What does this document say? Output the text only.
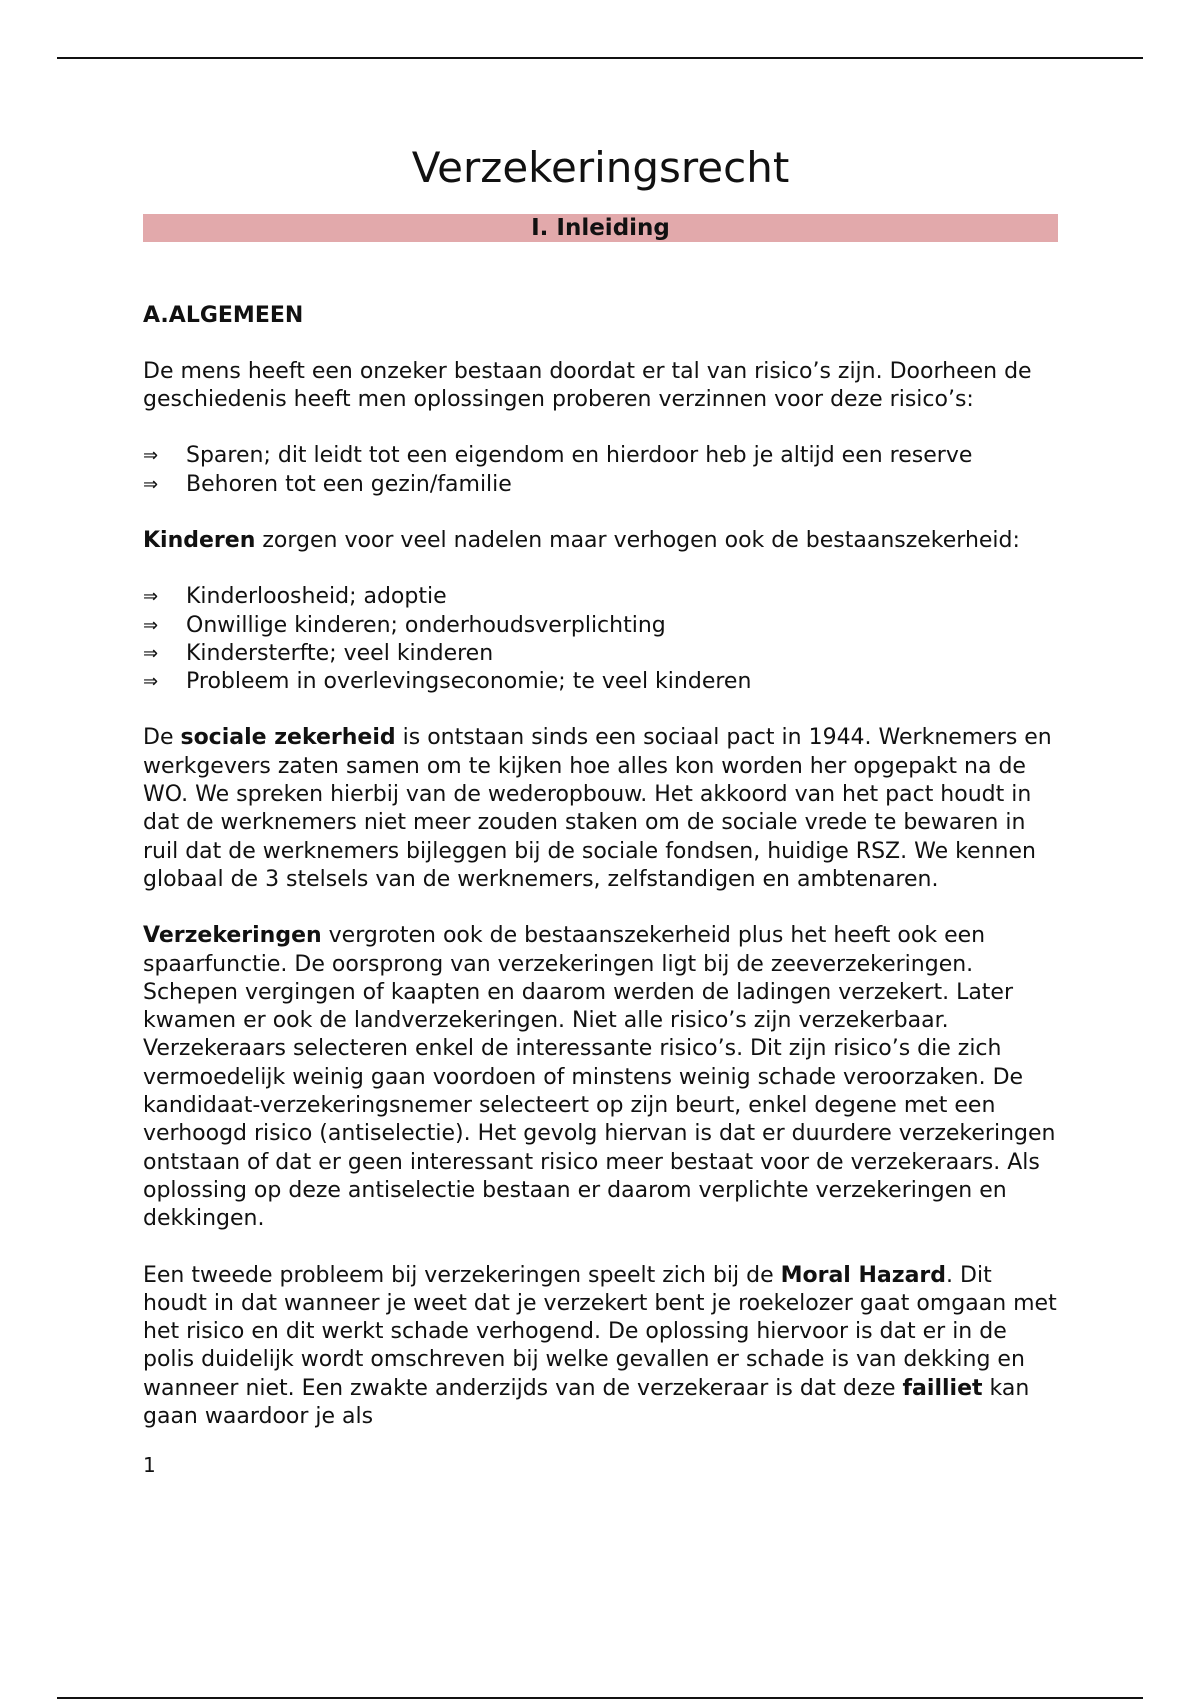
Verzekeringsrecht
I. Inleiding
A.ALGEMEEN

De mens heeft een onzeker bestaan doordat er tal van risico’s zijn. Doorheen de geschiedenis heeft men oplossingen proberen verzinnen voor deze risico’s:

⇒ Sparen; dit leidt tot een eigendom en hierdoor heb je altijd een reserve
⇒ Behoren tot een gezin/familie

Kinderen zorgen voor veel nadelen maar verhogen ook de bestaanszekerheid:

⇒ Kinderloosheid; adoptie
⇒ Onwillige kinderen; onderhoudsverplichting
⇒ Kindersterfte; veel kinderen
⇒ Probleem in overlevingseconomie; te veel kinderen

De sociale zekerheid is ontstaan sinds een sociaal pact in 1944. Werknemers en werkgevers zaten samen om te kijken hoe alles kon worden her opgepakt na de WO. We spreken hierbij van de wederopbouw. Het akkoord van het pact houdt in dat de werknemers niet meer zouden staken om de sociale vrede te bewaren in ruil dat de werknemers bijleggen bij de sociale fondsen, huidige RSZ. We kennen globaal de 3 stelsels van de werknemers, zelfstandigen en ambtenaren.

Verzekeringen vergroten ook de bestaanszekerheid plus het heeft ook een spaarfunctie. De oorsprong van verzekeringen ligt bij de zeeverzekeringen. Schepen vergingen of kaapten en daarom werden de ladingen verzekert. Later kwamen er ook de landverzekeringen. Niet alle risico’s zijn verzekerbaar. Verzekeraars selecteren enkel de interessante risico’s. Dit zijn risico’s die zich vermoedelijk weinig gaan voordoen of minstens weinig schade veroorzaken. De kandidaat-verzekeringsnemer selecteert op zijn beurt, enkel degene met een verhoogd risico (antiselectie). Het gevolg hiervan is dat er duurdere verzekeringen ontstaan of dat er geen interessant risico meer bestaat voor de verzekeraars. Als oplossing op deze antiselectie bestaan er daarom verplichte verzekeringen en dekkingen.

Een tweede probleem bij verzekeringen speelt zich bij de Moral Hazard. Dit houdt in dat wanneer je weet dat je verzekert bent je roekelozer gaat omgaan met het risico en dit werkt schade verhogend. De oplossing hiervoor is dat er in de polis duidelijk wordt omschreven bij welke gevallen er schade is van dekking en wanneer niet. Een zwakte anderzijds van de verzekeraar is dat deze failliet kan gaan waardoor je als

1
